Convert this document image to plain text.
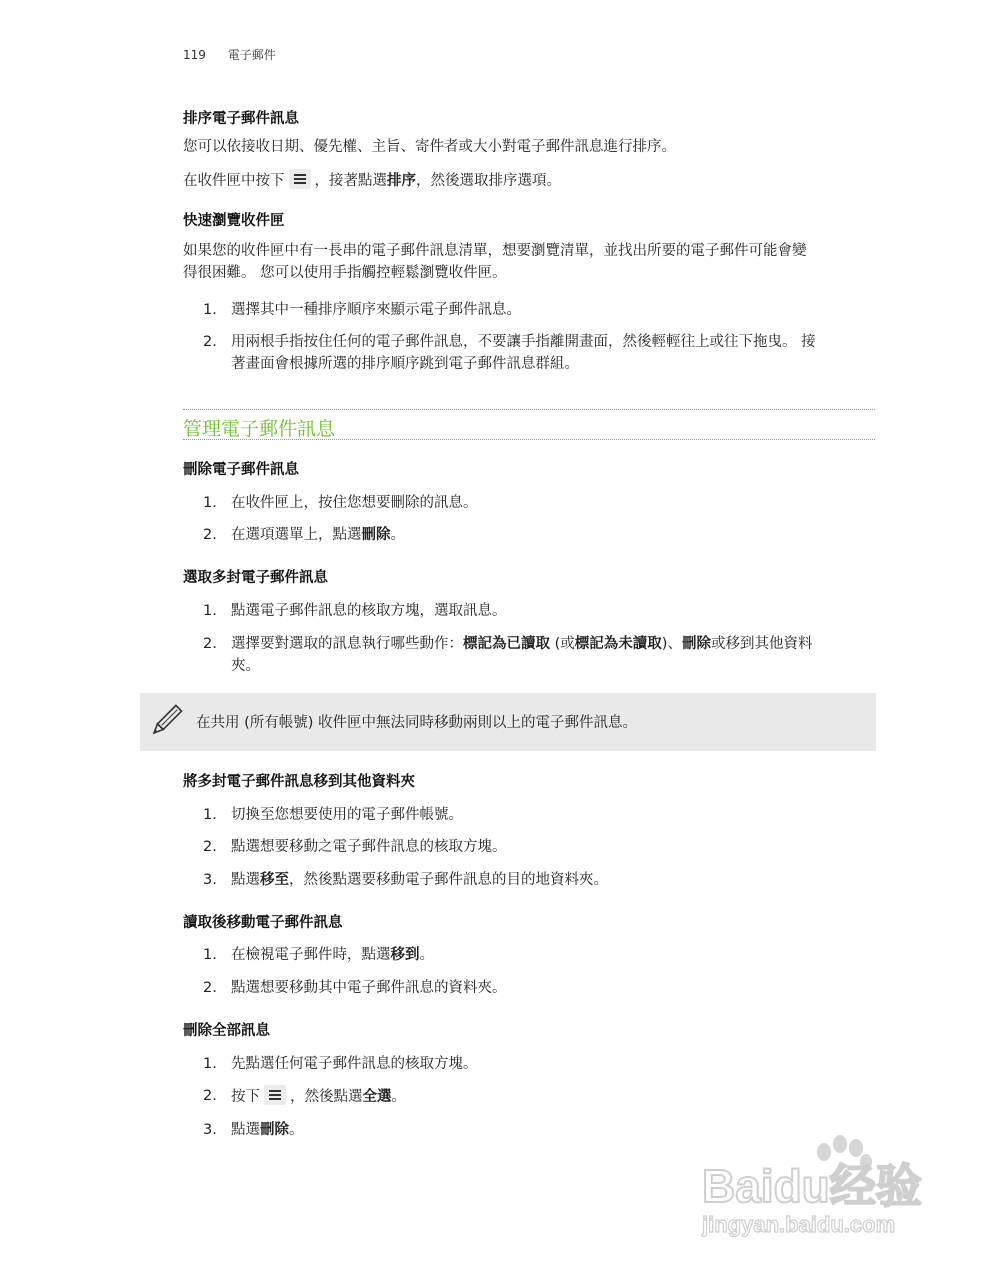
119 電子郵件
排序電子郵件訊息
您可以依接收日期、優先權、主旨、寄件者或大小對電子郵件訊息進行排序。
在收件匣中按下 ，接著點選排序，然後選取排序選項。
快速瀏覽收件匣
如果您的收件匣中有一長串的電子郵件訊息清單，想要瀏覽清單，並找出所要的電子郵件可能會變
得很困難。 您可以使用手指觸控輕鬆瀏覽收件匣。
1. 選擇其中一種排序順序來顯示電子郵件訊息。
2. 用兩根手指按住任何的電子郵件訊息，不要讓手指離開畫面，然後輕輕往上或往下拖曳。 接
著畫面會根據所選的排序順序跳到電子郵件訊息群組。
管理電子郵件訊息
刪除電子郵件訊息
1. 在收件匣上，按住您想要刪除的訊息。
2. 在選項選單上，點選刪除。
選取多封電子郵件訊息
1. 點選電子郵件訊息的核取方塊，選取訊息。
2. 選擇要對選取的訊息執行哪些動作：標記為已讀取 (或標記為未讀取)、刪除或移到其他資料
夾。
在共用 (所有帳號) 收件匣中無法同時移動兩則以上的電子郵件訊息。
將多封電子郵件訊息移到其他資料夾
1. 切換至您想要使用的電子郵件帳號。
2. 點選想要移動之電子郵件訊息的核取方塊。
3. 點選移至，然後點選要移動電子郵件訊息的目的地資料夾。
讀取後移動電子郵件訊息
1. 在檢視電子郵件時，點選移到。
2. 點選想要移動其中電子郵件訊息的資料夾。
刪除全部訊息
1. 先點選任何電子郵件訊息的核取方塊。
2. 按下 ，然後點選全選。
3. 點選刪除。
Baidu经验
jingyan.baidu.com
